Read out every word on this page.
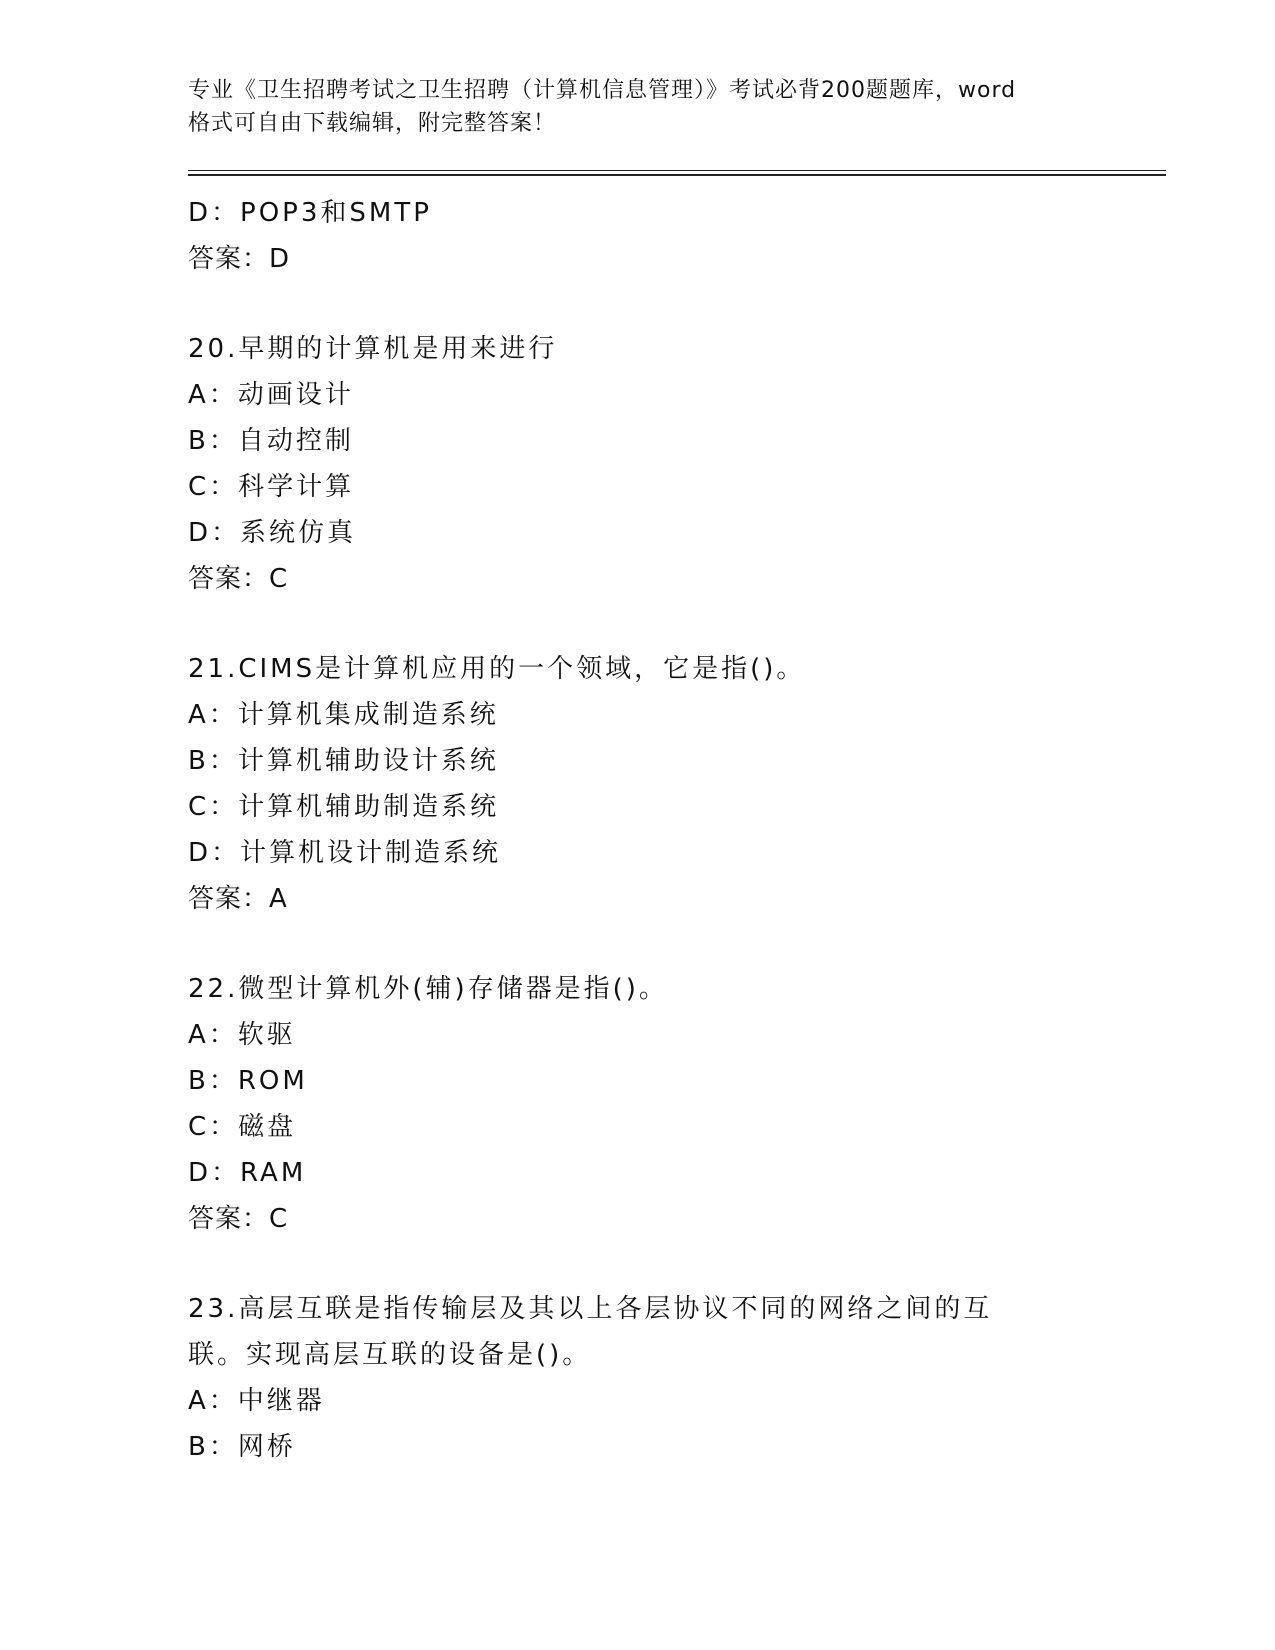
专业《卫生招聘考试之卫生招聘（计算机信息管理）》考试必背200题题库，word
格式可自由下载编辑，附完整答案！
D：POP3和SMTP
答案：D
20.早期的计算机是用来进行
A：动画设计
B：自动控制
C：科学计算
D：系统仿真
答案：C
21.CIMS是计算机应用的一个领域，它是指()。
A：计算机集成制造系统
B：计算机辅助设计系统
C：计算机辅助制造系统
D：计算机设计制造系统
答案：A
22.微型计算机外(辅)存储器是指()。
A：软驱
B：ROM
C：磁盘
D：RAM
答案：C
23.高层互联是指传输层及其以上各层协议不同的网络之间的互联。实现高层互联的设备是()。
A：中继器
B：网桥
